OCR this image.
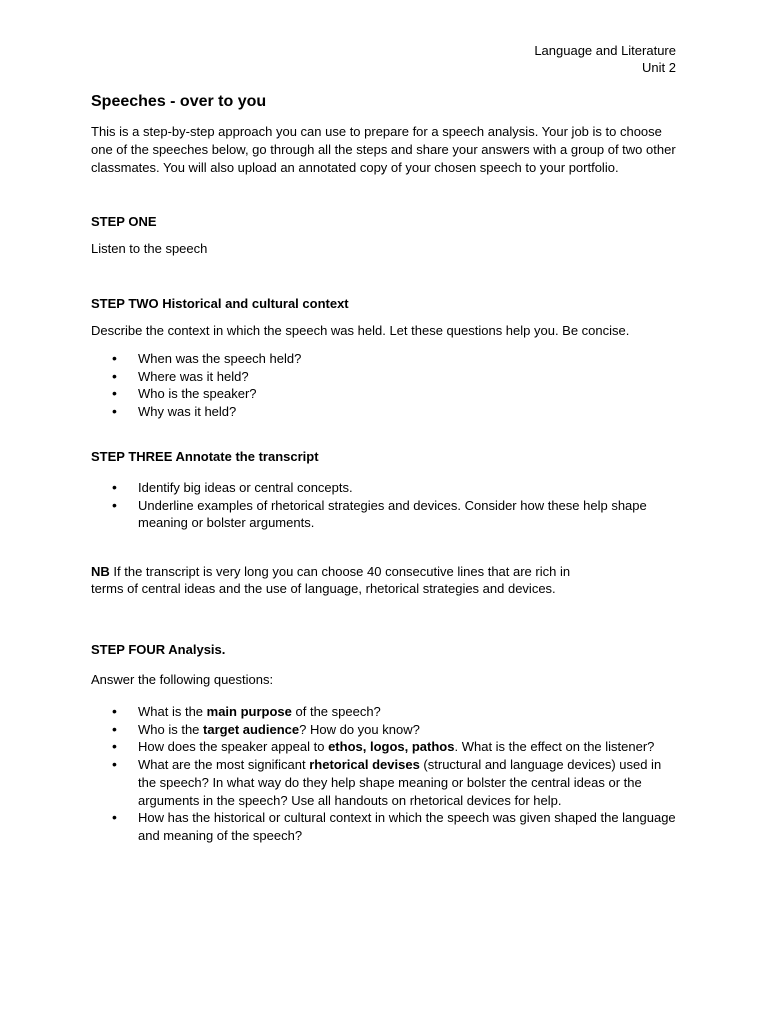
Language and Literature
Unit 2
Speeches - over to you

This is a step-by-step approach you can use to prepare for a speech analysis. Your job is to choose one of the speeches below, go through all the steps and share your answers with a group of two other classmates. You will also upload an annotated copy of your chosen speech to your portfolio.

STEP ONE

Listen to the speech

STEP TWO Historical and cultural context

Describe the context in which the speech was held. Let these questions help you. Be concise.

• When was the speech held?
• Where was it held?
• Who is the speaker?
• Why was it held?

STEP THREE Annotate the transcript

• Identify big ideas or central concepts.
• Underline examples of rhetorical strategies and devices. Consider how these help shape meaning or bolster arguments.

NB If the transcript is very long you can choose 40 consecutive lines that are rich in
terms of central ideas and the use of language, rhetorical strategies and devices.

STEP FOUR Analysis.

Answer the following questions:

• What is the main purpose of the speech?
• Who is the target audience? How do you know?
• How does the speaker appeal to ethos, logos, pathos. What is the effect on the listener?
• What are the most significant rhetorical devises (structural and language devices) used in the speech? In what way do they help shape meaning or bolster the central ideas or the arguments in the speech? Use all handouts on rhetorical devices for help.
• How has the historical or cultural context in which the speech was given shaped the language and meaning of the speech?
